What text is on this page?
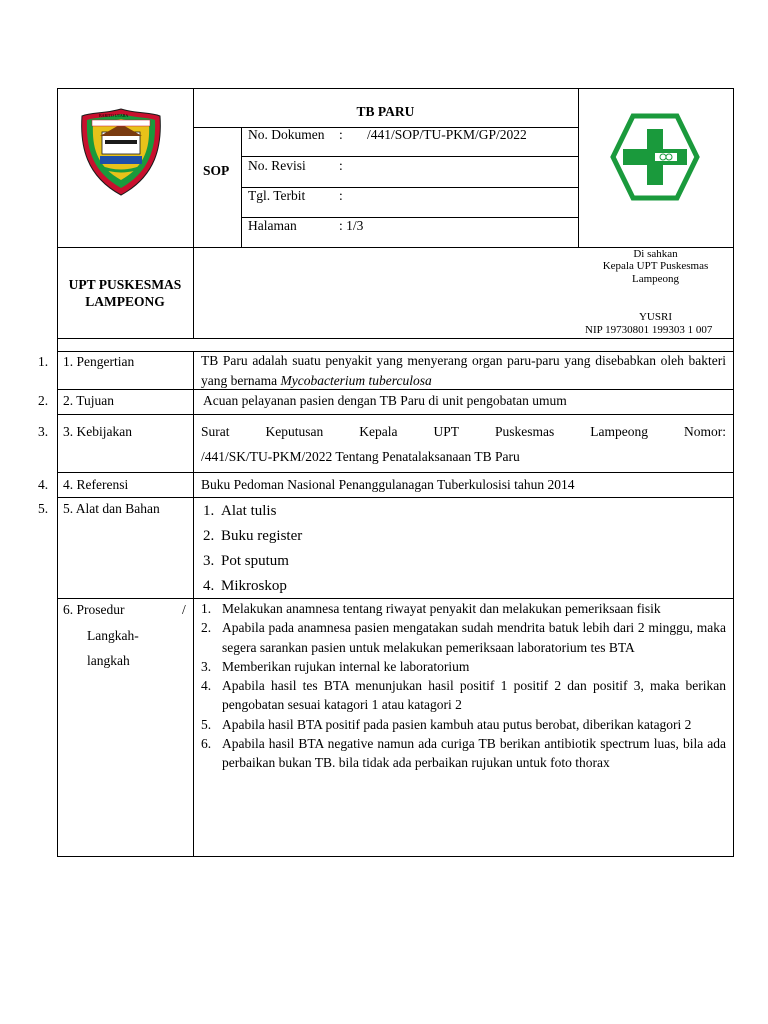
BARITO UTARA	TB PARU
SOP
No. Dokumen : /441/SOP/TU-PKM/GP/2022
No. Revisi :
Tgl. Terbit :
Halaman	: 1/3
UPT PUSKESMAS
LAMPEONG
Di sahkan
Kepala UPT Puskesmas
Lampeong
YUSRI
NIP 19730801 199303 1 007
1. 1. Pengertian	TB Paru adalah suatu penyakit yang menyerang organ paru-paru yang disebabkan oleh bakteri yang bernama Mycobacterium tuberculosa
2. 2. Tujuan	Acuan pelayanan pasien dengan TB Paru di unit pengobatan umum
3. 3. Kebijakan	Surat	Keputusan	Kepala	UPT	Puskesmas	Lampeong	Nomor:
/441/SK/TU-PKM/2022 Tentang Penatalaksanaan TB Paru
4. 4. Referensi	Buku Pedoman Nasional Penanggulanagan Tuberkulosisi tahun 2014
5. 5. Alat dan Bahan	1. Alat tulis
2. Buku register
3. Pot sputum
4. Mikroskop
6. Prosedur	/
Langkah-
langkah
1. Melakukan anamnesa tentang riwayat penyakit dan melakukan pemeriksaan fisik
2. Apabila pada anamnesa pasien mengatakan sudah mendrita batuk lebih dari 2 minggu, maka segera sarankan pasien untuk melakukan pemeriksaan laboratorium tes BTA
3. Memberikan rujukan internal ke laboratorium
4. Apabila hasil tes BTA menunjukan hasil positif 1 positif 2 dan positif 3, maka berikan pengobatan sesuai katagori 1 atau katagori 2
5. Apabila hasil BTA positif pada pasien kambuh atau putus berobat, diberikan katagori 2
6. Apabila hasil BTA negative namun ada curiga TB berikan antibiotik spectrum luas, bila ada perbaikan bukan TB. bila tidak ada perbaikan rujukan untuk foto thorax
